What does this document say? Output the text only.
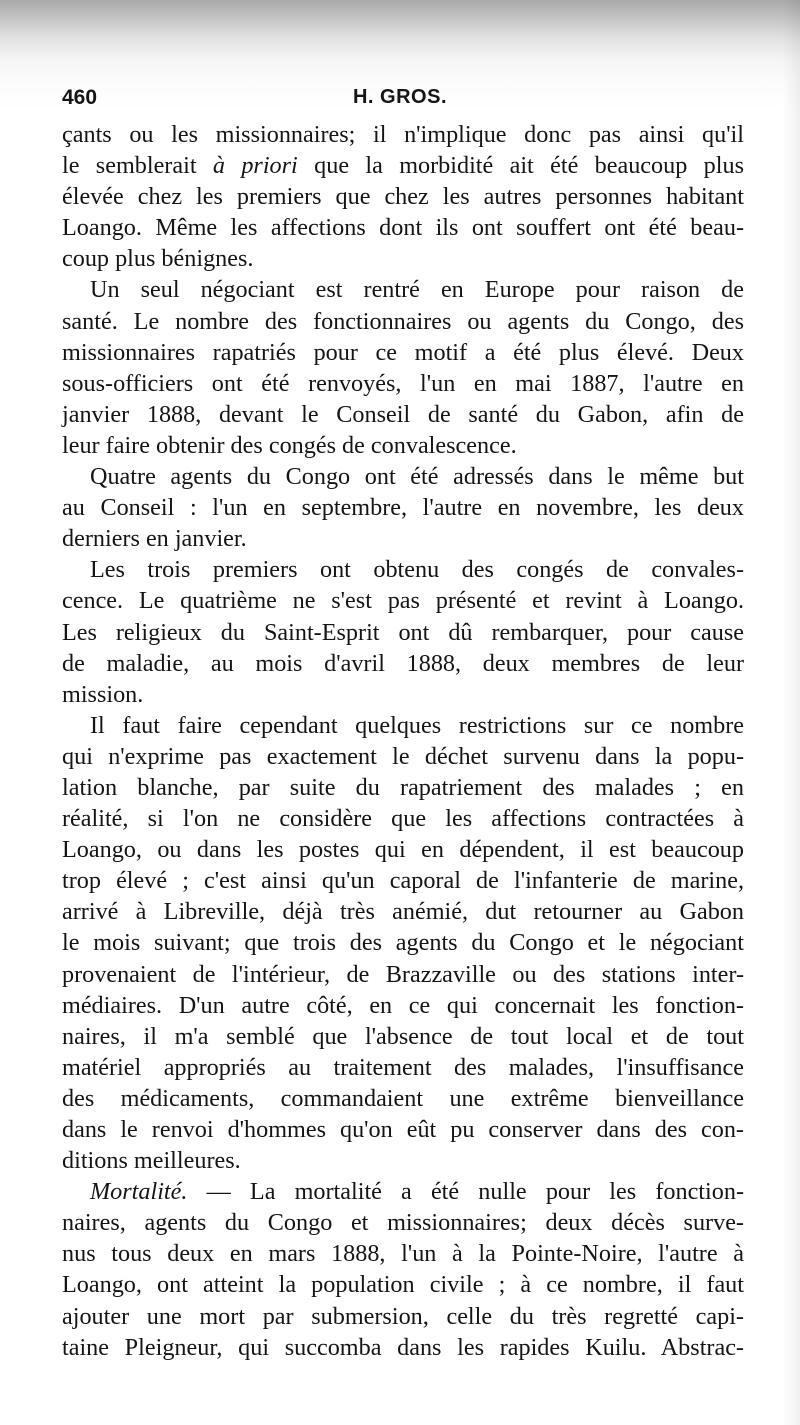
460	H. GROS.
çants ou les missionnaires; il n'implique donc pas ainsi qu'il
le semblerait à priori que la morbidité ait été beaucoup plus
élevée chez les premiers que chez les autres personnes habitant
Loango. Même les affections dont ils ont souffert ont été beau-
coup plus bénignes.
Un seul négociant est rentré en Europe pour raison de
santé. Le nombre des fonctionnaires ou agents du Congo, des
missionnaires rapatriés pour ce motif a été plus élevé. Deux
sous-officiers ont été renvoyés, l'un en mai 1887, l'autre en
janvier 1888, devant le Conseil de santé du Gabon, afin de
leur faire obtenir des congés de convalescence.
Quatre agents du Congo ont été adressés dans le même but
au Conseil : l'un en septembre, l'autre en novembre, les deux
derniers en janvier.
Les trois premiers ont obtenu des congés de convales-
cence. Le quatrième ne s'est pas présenté et revint à Loango.
Les religieux du Saint-Esprit ont dû rembarquer, pour cause
de maladie, au mois d'avril 1888, deux membres de leur
mission.
Il faut faire cependant quelques restrictions sur ce nombre
qui n'exprime pas exactement le déchet survenu dans la popu-
lation blanche, par suite du rapatriement des malades ; en
réalité, si l'on ne considère que les affections contractées à
Loango, ou dans les postes qui en dépendent, il est beaucoup
trop élevé ; c'est ainsi qu'un caporal de l'infanterie de marine,
arrivé à Libreville, déjà très anémié, dut retourner au Gabon
le mois suivant; que trois des agents du Congo et le négociant
provenaient de l'intérieur, de Brazzaville ou des stations inter-
médiaires. D'un autre côté, en ce qui concernait les fonction-
naires, il m'a semblé que l'absence de tout local et de tout
matériel appropriés au traitement des malades, l'insuffisance
des médicaments, commandaient une extrême bienveillance
dans le renvoi d'hommes qu'on eût pu conserver dans des con-
ditions meilleures.
Mortalité. — La mortalité a été nulle pour les fonction-
naires, agents du Congo et missionnaires; deux décès surve-
nus tous deux en mars 1888, l'un à la Pointe-Noire, l'autre à
Loango, ont atteint la population civile ; à ce nombre, il faut
ajouter une mort par submersion, celle du très regretté capi-
taine Pleigneur, qui succomba dans les rapides Kuilu. Abstrac-
